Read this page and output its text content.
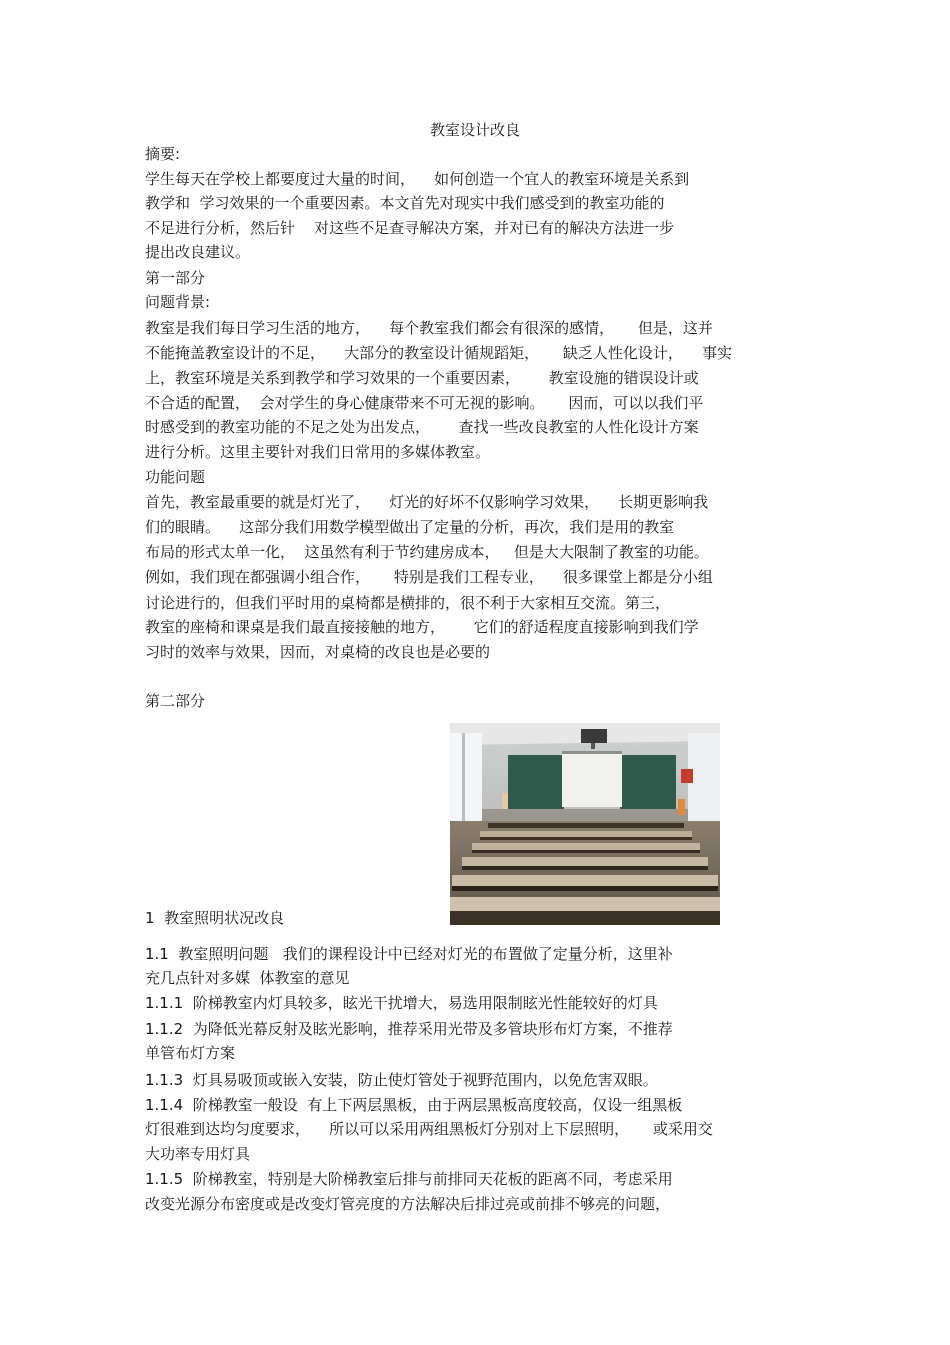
教室设计改良
摘要:
学生每天在学校上都要度过大量的时间，    如何创造一个宜人的教室环境是关系到
教学和  学习效果的一个重要因素。本文首先对现实中我们感受到的教室功能的
不足进行分析，然后针    对这些不足查寻解决方案，并对已有的解决方法进一步
提出改良建议。
第一部分
问题背景:
教室是我们每日学习生活的地方，    每个教室我们都会有很深的感情，     但是，这并
不能掩盖教室设计的不足，    大部分的教室设计循规蹈矩，     缺乏人性化设计，    事实
上，教室环境是关系到教学和学习效果的一个重要因素，      教室设施的错误设计或
不合适的配置，  会对学生的身心健康带来不可无视的影响。     因而，可以以我们平
时感受到的教室功能的不足之处为出发点，      查找一些改良教室的人性化设计方案
进行分析。这里主要针对我们日常用的多媒体教室。
功能问题
首先，教室最重要的就是灯光了，    灯光的好坏不仅影响学习效果，    长期更影响我
们的眼睛。    这部分我们用数学模型做出了定量的分析，再次，我们是用的教室
布局的形式太单一化，  这虽然有利于节约建房成本，   但是大大限制了教室的功能。
例如，我们现在都强调小组合作，     特别是我们工程专业，    很多课堂上都是分小组
讨论进行的，但我们平时用的桌椅都是横排的，很不利于大家相互交流。第三，
教室的座椅和课桌是我们最直接接触的地方，      它们的舒适程度直接影响到我们学
习时的效率与效果，因而，对桌椅的改良也是必要的
第二部分
1  教室照明状况改良
1.1  教室照明问题   我们的课程设计中已经对灯光的布置做了定量分析，这里补
充几点针对多媒  体教室的意见
1.1.1  阶梯教室内灯具较多，眩光干扰增大，易选用限制眩光性能较好的灯具
1.1.2  为降低光幕反射及眩光影响，推荐采用光带及多管块形布灯方案，不推荐
单管布灯方案
1.1.3  灯具易吸顶或嵌入安装，防止使灯管处于视野范围内，以免危害双眼。
1.1.4  阶梯教室一般设  有上下两层黑板，由于两层黑板高度较高，仅设一组黑板
灯很难到达均匀度要求，    所以可以采用两组黑板灯分别对上下层照明，     或采用交
大功率专用灯具
1.1.5  阶梯教室，特别是大阶梯教室后排与前排同天花板的距离不同，考虑采用
改变光源分布密度或是改变灯管亮度的方法解决后排过亮或前排不够亮的问题，
